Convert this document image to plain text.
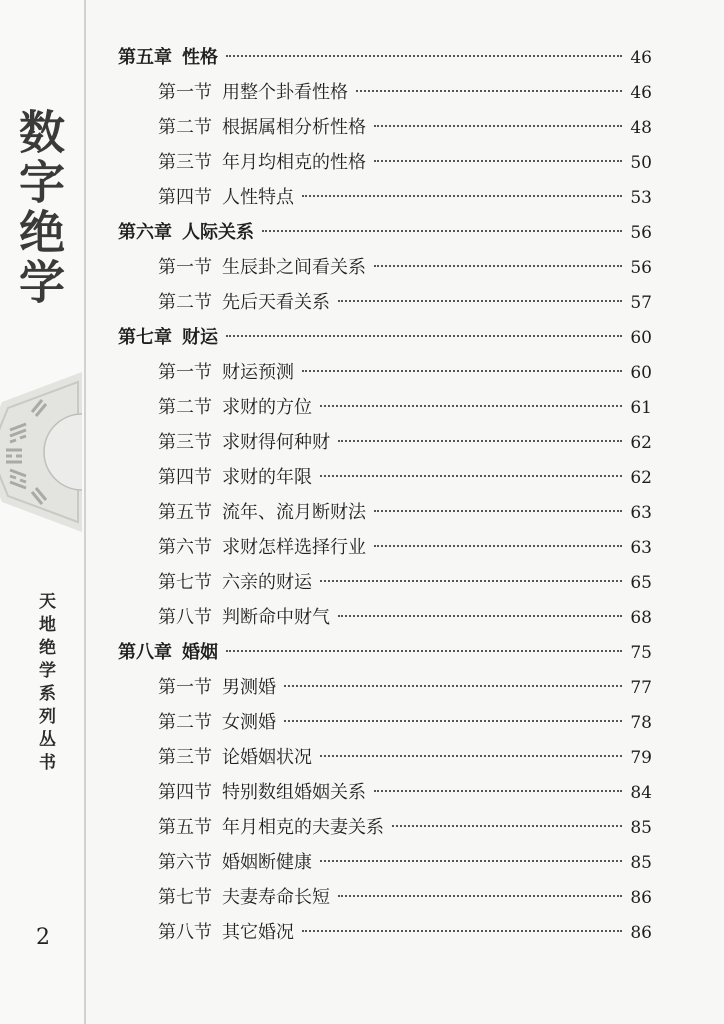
数字绝学
天地绝学系列丛书
2
第五章 性格	46
第一节 用整个卦看性格	46
第二节 根据属相分析性格	48
第三节 年月均相克的性格	50
第四节 人性特点	53
第六章 人际关系	56
第一节 生辰卦之间看关系	56
第二节 先后天看关系	57
第七章 财运	60
第一节 财运预测	60
第二节 求财的方位	61
第三节 求财得何种财	62
第四节 求财的年限	62
第五节 流年、流月断财法	63
第六节 求财怎样选择行业	63
第七节 六亲的财运	65
第八节 判断命中财气	68
第八章 婚姻	75
第一节 男测婚	77
第二节 女测婚	78
第三节 论婚姻状况	79
第四节 特别数组婚姻关系	84
第五节 年月相克的夫妻关系	85
第六节 婚姻断健康	85
第七节 夫妻寿命长短	86
第八节 其它婚况	86
